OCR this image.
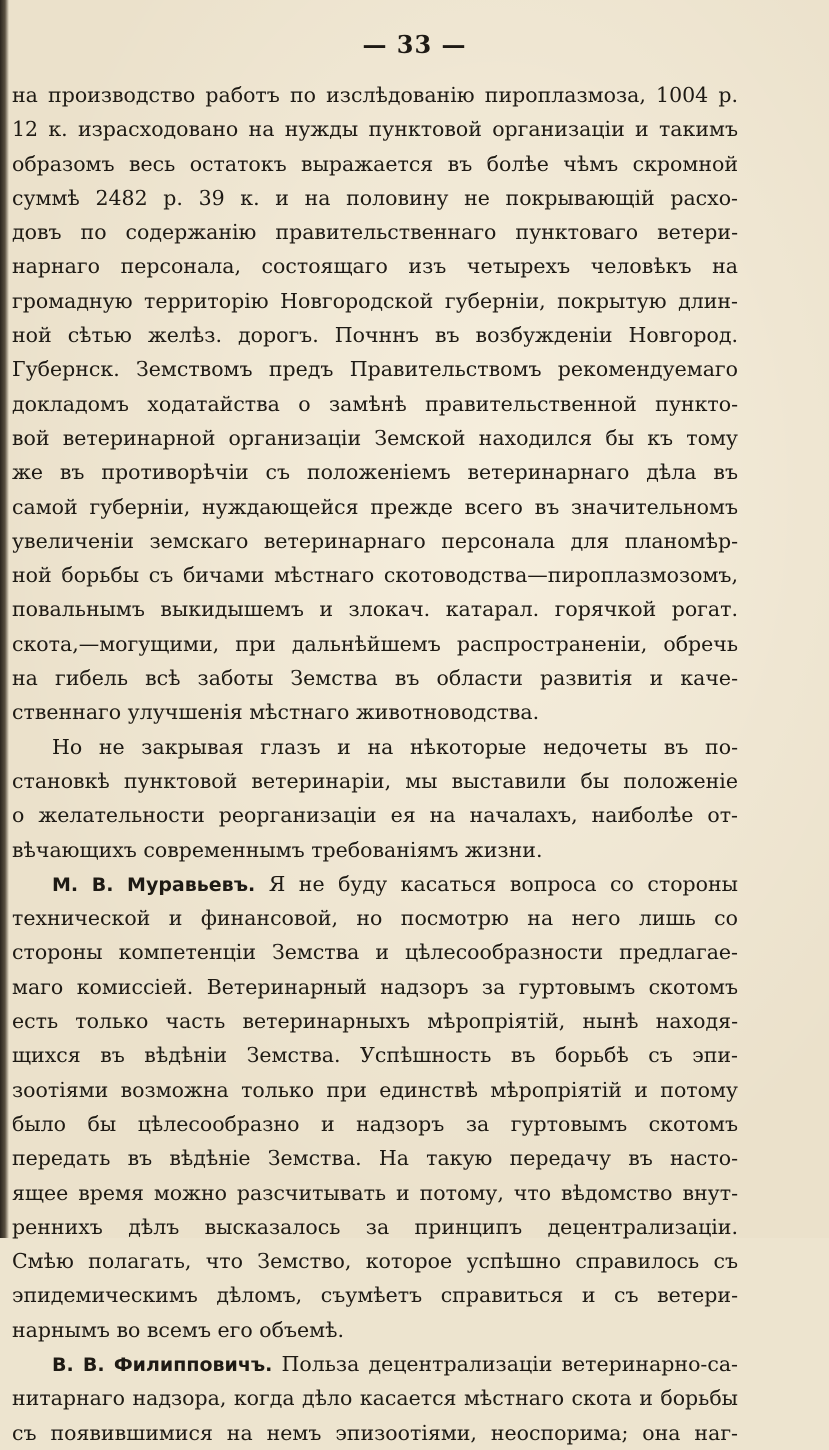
— 33 —
на производство работъ по изслѣдованію пироплазмоза, 1004 р.
12 к. израсходовано на нужды пунктовой организаціи и такимъ
образомъ весь остатокъ выражается въ болѣе чѣмъ скромной
суммѣ 2482 р. 39 к. и на половину не покрывающій расхо-
довъ по содержанію правительственнаго пунктоваго ветери-
нарнаго персонала, состоящаго изъ четырехъ человѣкъ на
громадную территорію Новгородской губерніи, покрытую длин-
ной сѣтью желѣз. дорогъ. Почннъ въ возбужденіи Новгород.
Губернск. Земствомъ предъ Правительствомъ рекомендуемаго
докладомъ ходатайства о замѣнѣ правительственной пункто-
вой ветеринарной организаціи Земской находился бы къ тому
же въ противорѣчіи съ положеніемъ ветеринарнаго дѣла въ
самой губерніи, нуждающейся прежде всего въ значительномъ
увеличеніи земскаго ветеринарнаго персонала для планомѣр-
ной борьбы съ бичами мѣстнаго скотоводства—пироплазмозомъ,
повальнымъ выкидышемъ и злокач. катарал. горячкой рогат.
скота,—могущими, при дальнѣйшемъ распространеніи, обречь
на гибель всѣ заботы Земства въ области развитія и каче-
ственнаго улучшенія мѣстнаго животноводства.
Но не закрывая глазъ и на нѣкоторые недочеты въ по-
становкѣ пунктовой ветеринаріи, мы выставили бы положеніе
о желательности реорганизаціи ея на началахъ, наиболѣе от-
вѣчающихъ современнымъ требованіямъ жизни.
М. В. Муравьевъ. Я не буду касаться вопроса со стороны
технической и финансовой, но посмотрю на него лишь со
стороны компетенціи Земства и цѣлесообразности предлагае-
маго комиссіей. Ветеринарный надзоръ за гуртовымъ скотомъ
есть только часть ветеринарныхъ мѣропріятій, нынѣ находя-
щихся въ вѣдѣніи Земства. Успѣшность въ борьбѣ съ эпи-
зоотіями возможна только при единствѣ мѣропріятій и потому
было бы цѣлесообразно и надзоръ за гуртовымъ скотомъ
передать въ вѣдѣніе Земства. На такую передачу въ насто-
ящее время можно разсчитывать и потому, что вѣдомство внут-
реннихъ дѣлъ высказалось за принципъ децентрализаціи.
Смѣю полагать, что Земство, которое успѣшно справилось съ
эпидемическимъ дѣломъ, съумѣетъ справиться и съ ветери-
нарнымъ во всемъ его объемѣ.
В. В. Филипповичъ. Польза децентрализаціи ветеринарно-са-
нитарнаго надзора, когда дѣло касается мѣстнаго скота и борьбы
съ появившимися на немъ эпизоотіями, неоспорима; она наг-
